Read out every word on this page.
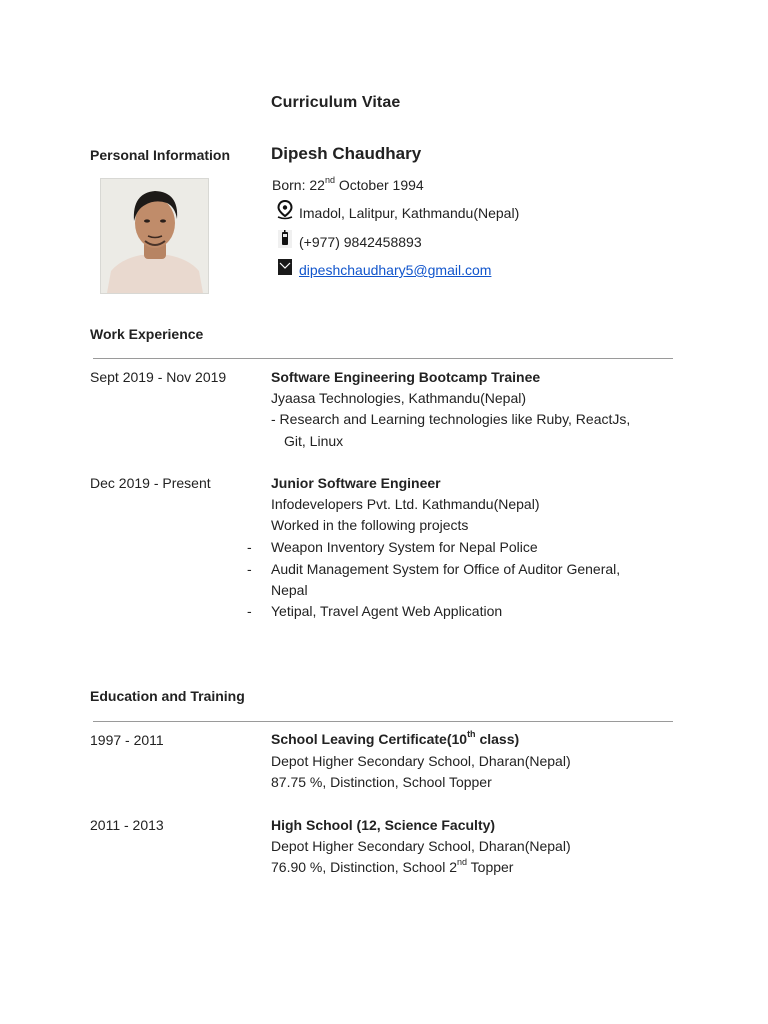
Curriculum Vitae
Personal Information Dipesh Chaudhary
Born: 22nd October 1994
Imadol, Lalitpur, Kathmandu(Nepal)
(+977) 9842458893
dipeshchaudhary5@gmail.com
Work Experience
Sept 2019 - Nov 2019	Software Engineering Bootcamp Trainee
Jyaasa Technologies, Kathmandu(Nepal)
- Research and Learning technologies like Ruby, ReactJs,
Git, Linux
Dec 2019 - Present	Junior Software Engineer
Infodevelopers Pvt. Ltd. Kathmandu(Nepal)
Worked in the following projects
- Weapon Inventory System for Nepal Police
- Audit Management System for Office of Auditor General,
Nepal
- Yetipal, Travel Agent Web Application
Education and Training
1997 - 2011	School Leaving Certificate(10th class)
Depot Higher Secondary School, Dharan(Nepal)
87.75 %, Distinction, School Topper
2011 - 2013	High School (12, Science Faculty)
Depot Higher Secondary School, Dharan(Nepal)
76.90 %, Distinction, School 2nd Topper
